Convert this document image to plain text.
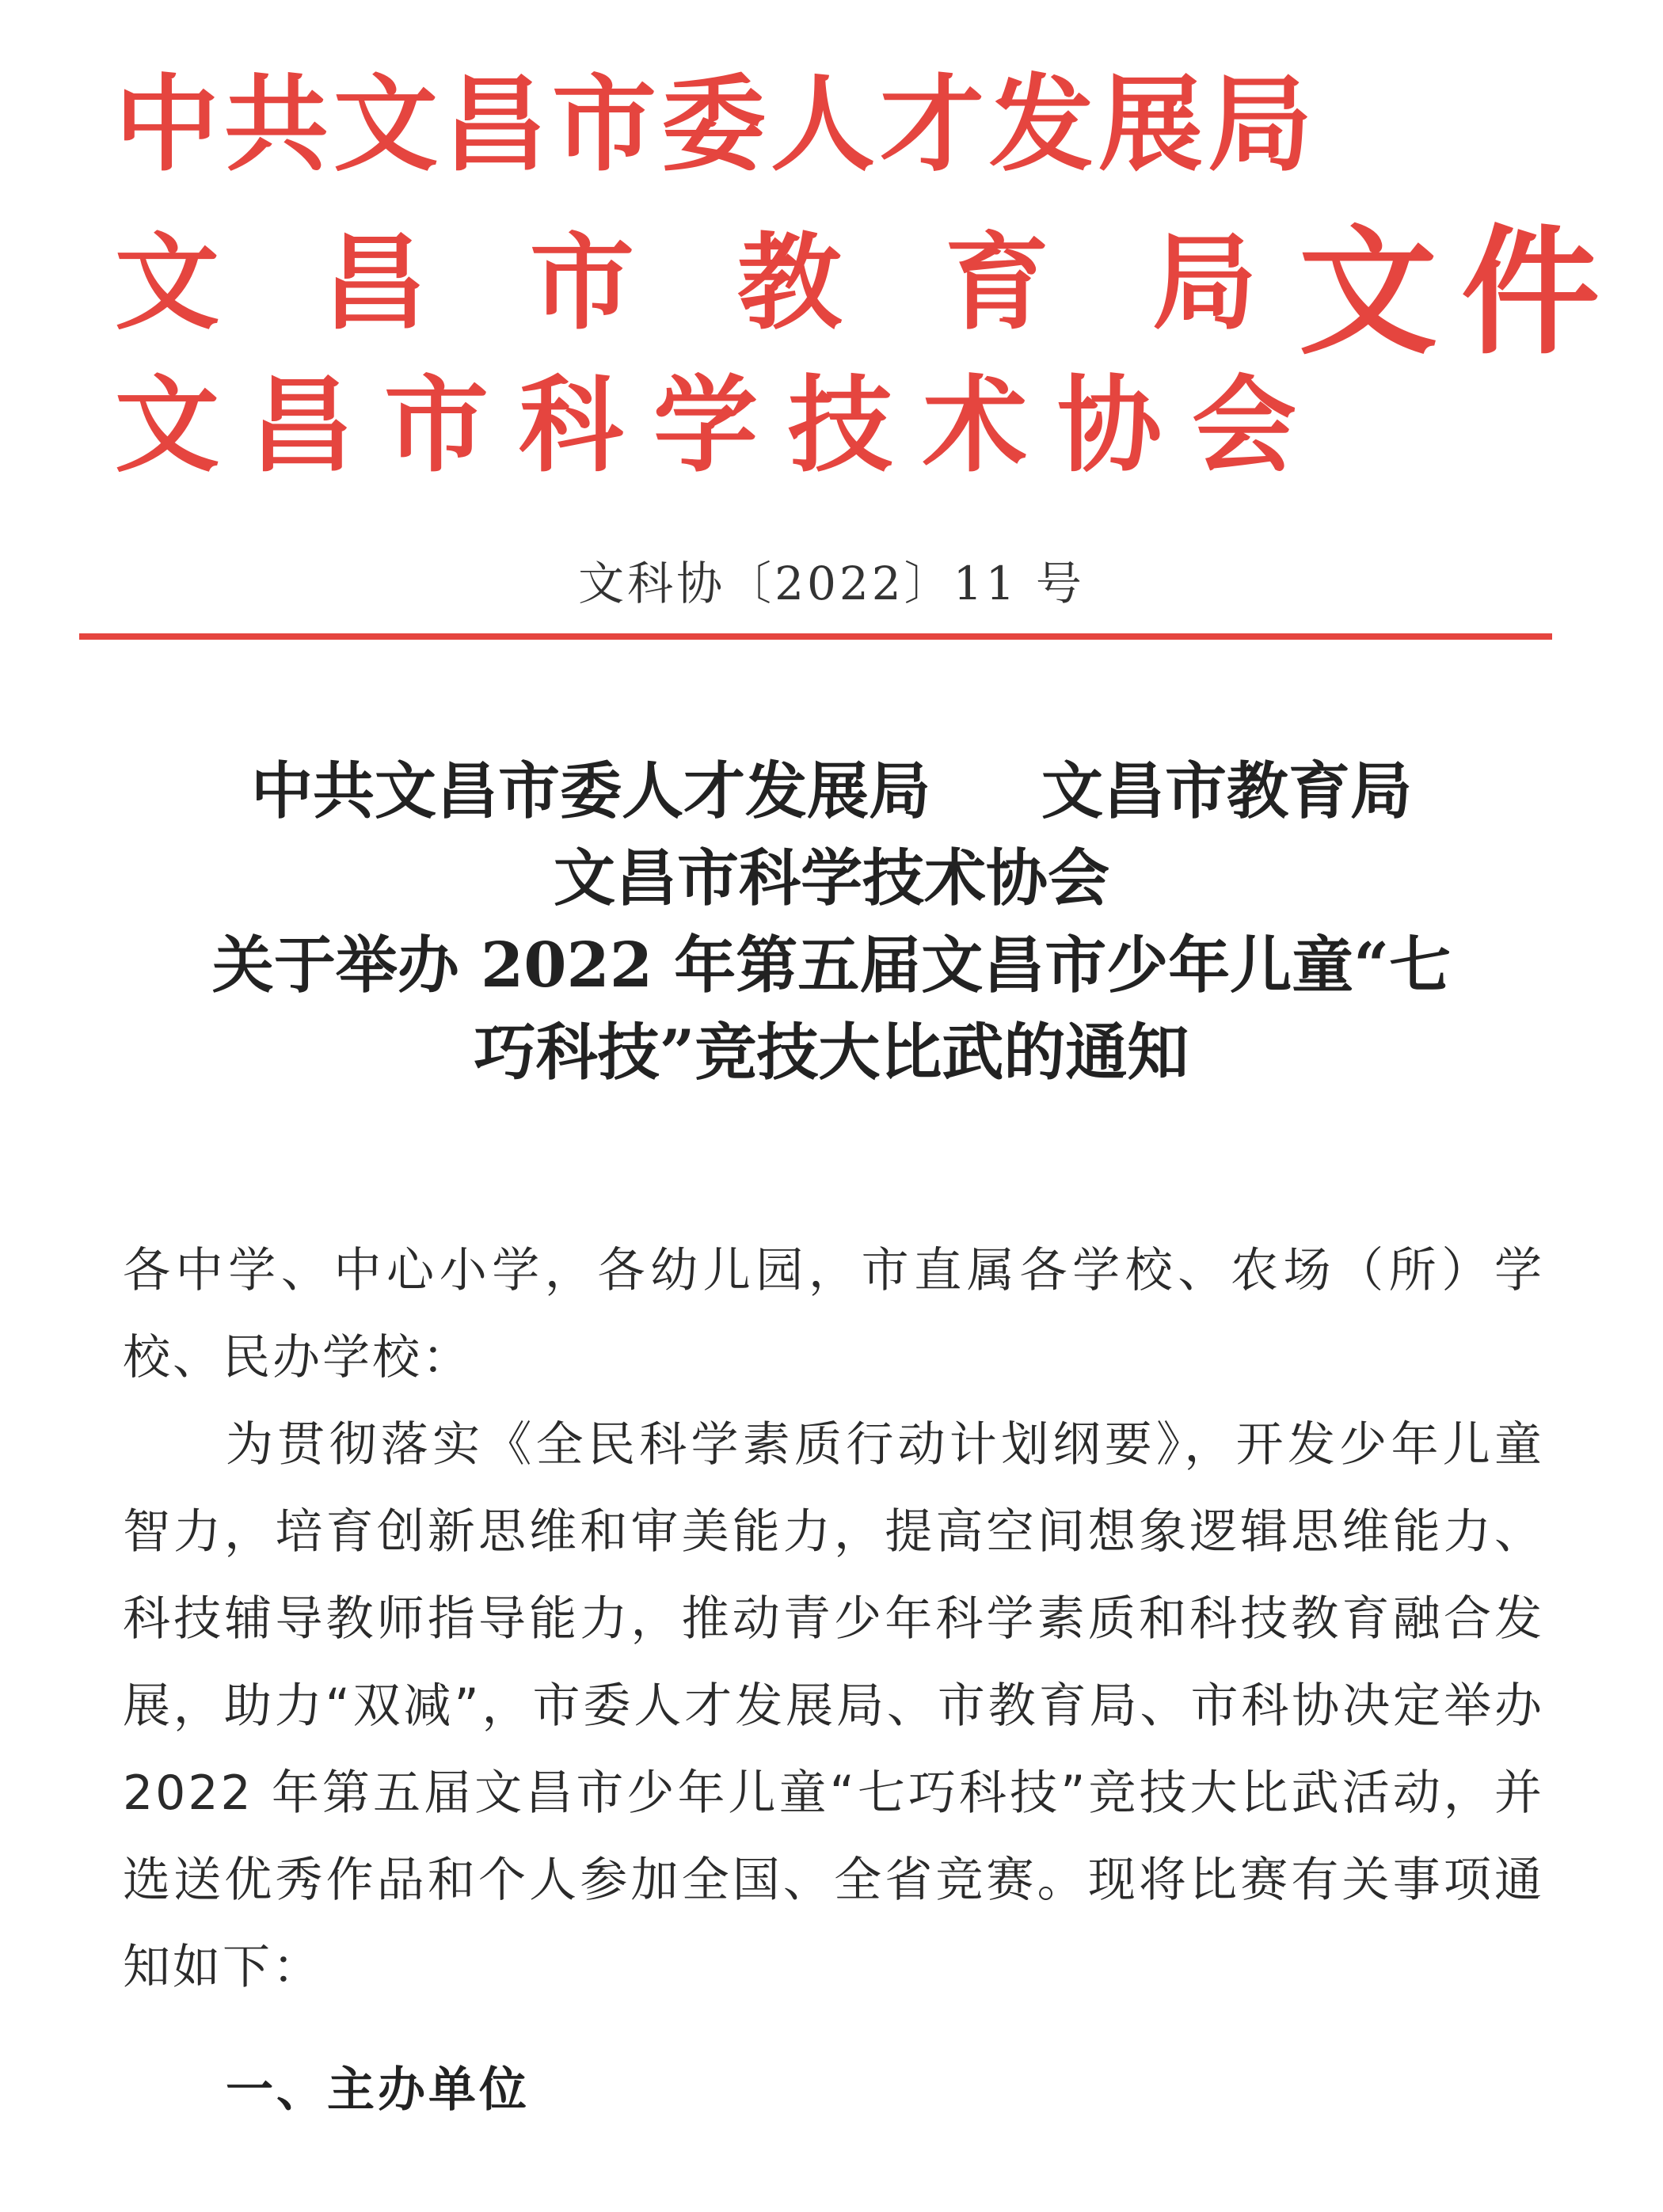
中共文昌市委人才发展局
文昌市教育局
文昌市科学技术协会
文件
文科协〔2022〕11 号
中共文昌市委人才发展局 文昌市教育局
文昌市科学技术协会
关于举办 2022 年第五届文昌市少年儿童“七
巧科技”竞技大比武的通知

各中学、中心小学，各幼儿园，市直属各学校、农场（所）学校、民办学校：

为贯彻落实《全民科学素质行动计划纲要》，开发少年儿童智力，培育创新思维和审美能力，提高空间想象逻辑思维能力、科技辅导教师指导能力，推动青少年科学素质和科技教育融合发展，助力“双减”，市委人才发展局、市教育局、市科协决定举办 2022 年第五届文昌市少年儿童“七巧科技”竞技大比武活动，并选送优秀作品和个人参加全国、全省竞赛。现将比赛有关事项通知如下：

一、主办单位
